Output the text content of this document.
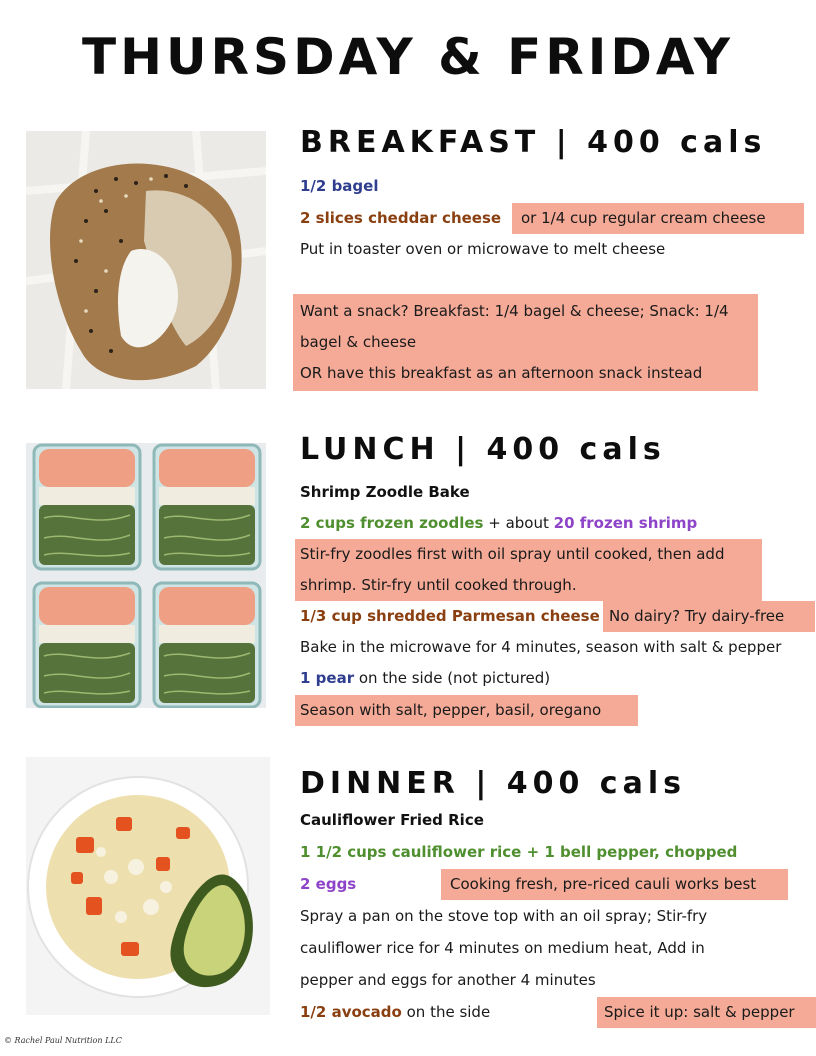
THURSDAY & FRIDAY
BREAKFAST | 400 cals
1/2 bagel
2 slices cheddar cheese	or 1/4 cup regular cream cheese
Put in toaster oven or microwave to melt cheese
Want a snack? Breakfast: 1/4 bagel & cheese; Snack: 1/4
bagel & cheese
OR have this breakfast as an afternoon snack instead
LUNCH | 400 cals
Shrimp Zoodle Bake
2 cups frozen zoodles + about 20 frozen shrimp
Stir-fry zoodles first with oil spray until cooked, then add
shrimp. Stir-fry until cooked through.
1/3 cup shredded Parmesan cheese No dairy? Try dairy-free
Bake in the microwave for 4 minutes, season with salt & pepper
1 pear on the side (not pictured)
Season with salt, pepper, basil, oregano
DINNER | 400 cals
Cauliflower Fried Rice
1 1/2 cups cauliflower rice + 1 bell pepper, chopped
2 eggs	Cooking fresh, pre-riced cauli works best
Spray a pan on the stove top with an oil spray; Stir-fry
cauliflower rice for 4 minutes on medium heat, Add in
pepper and eggs for another 4 minutes
1/2 avocado on the side	Spice it up: salt & pepper
© Rachel Paul Nutrition LLC
